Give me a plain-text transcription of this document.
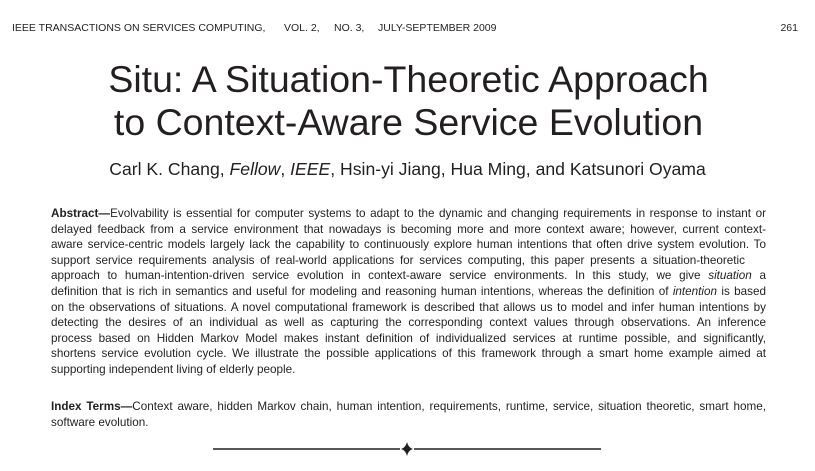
IEEE TRANSACTIONS ON SERVICES COMPUTING, VOL. 2, NO. 3, JULY-SEPTEMBER 2009	261
Situ: A Situation-Theoretic Approach
to Context-Aware Service Evolution
Carl K. Chang, Fellow, IEEE, Hsin-yi Jiang, Hua Ming, and Katsunori Oyama
Abstract—Evolvability is essential for computer systems to adapt to the dynamic and changing requirements in response to instant or
delayed feedback from a service environment that nowadays is becoming more and more context aware; however, current context-
aware service-centric models largely lack the capability to continuously explore human intentions that often drive system evolution. To
support service requirements analysis of real-world applications for services computing, this paper presents a situation-theoretic
approach to human-intention-driven service evolution in context-aware service environments. In this study, we give situation a
definition that is rich in semantics and useful for modeling and reasoning human intentions, whereas the definition of intention is based
on the observations of situations. A novel computational framework is described that allows us to model and infer human intentions by
detecting the desires of an individual as well as capturing the corresponding context values through observations. An inference
process based on Hidden Markov Model makes instant definition of individualized services at runtime possible, and significantly,
shortens service evolution cycle. We illustrate the possible applications of this framework through a smart home example aimed at
supporting independent living of elderly people.
Index Terms—Context aware, hidden Markov chain, human intention, requirements, runtime, service, situation theoretic, smart home,
software evolution.
